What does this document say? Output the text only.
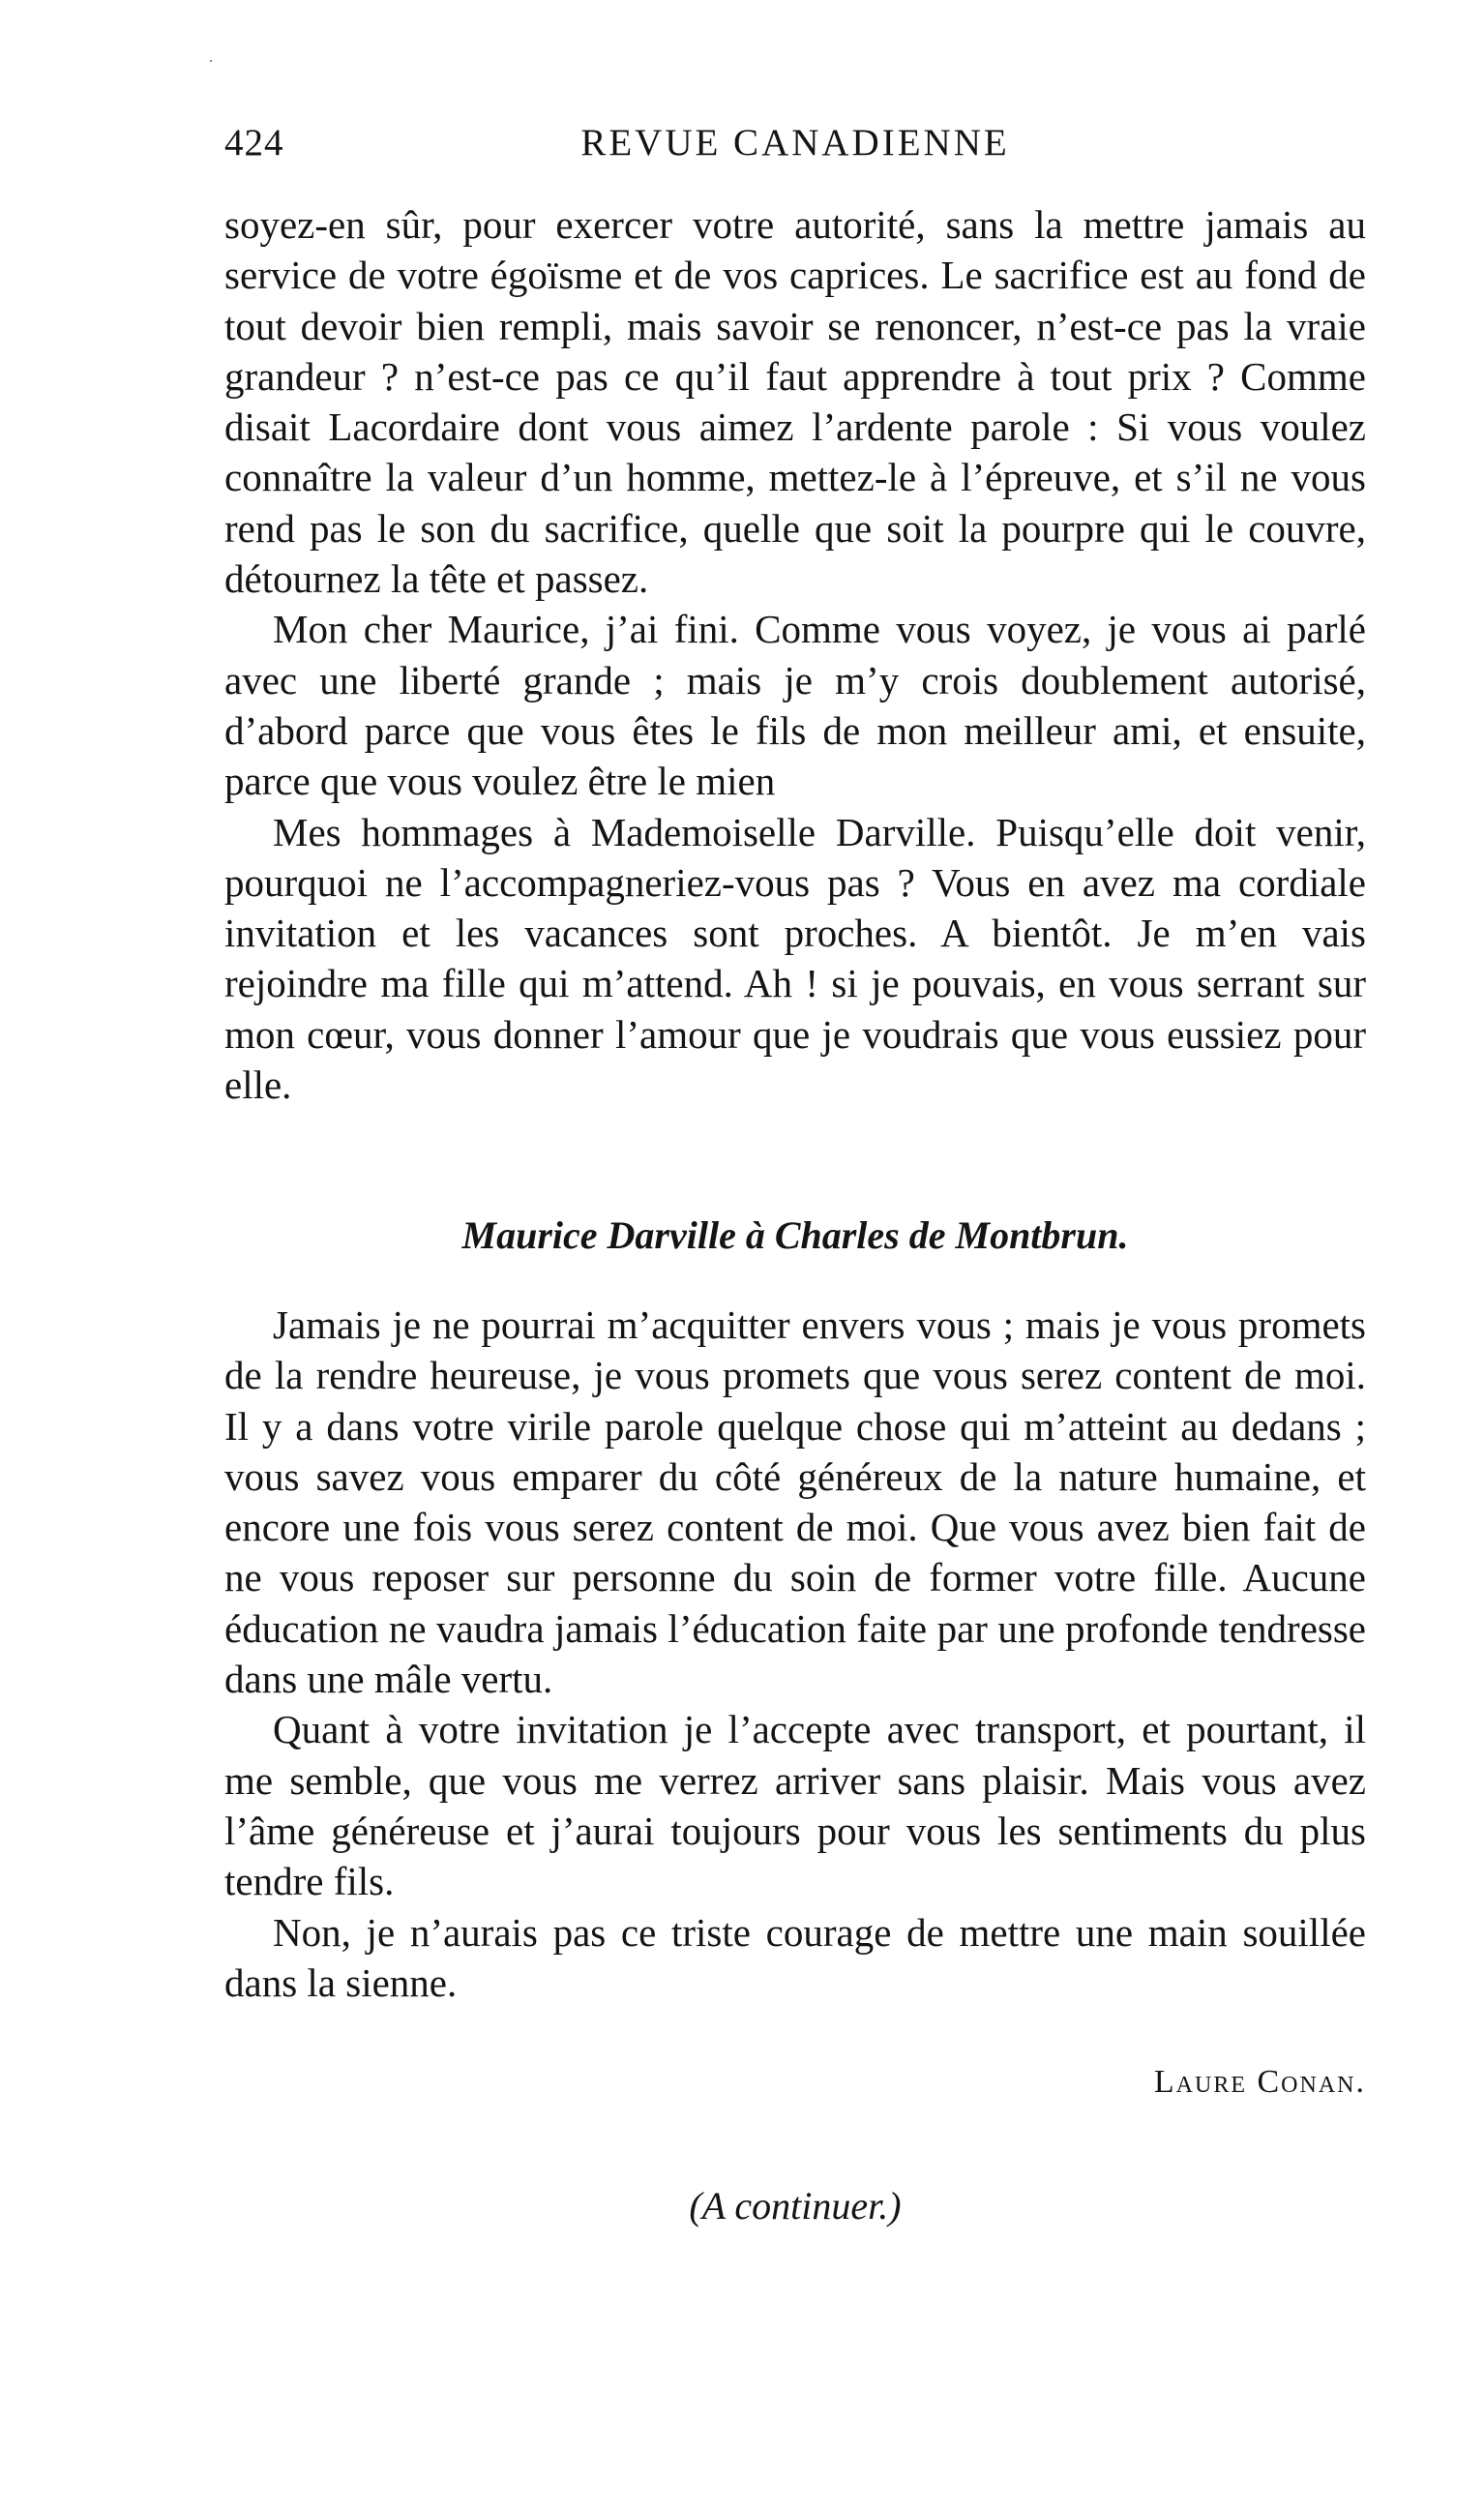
424	REVUE CANADIENNE

soyez-en sûr, pour exercer votre autorité, sans la mettre jamais au service de votre égoïsme et de vos caprices. Le sacrifice est au fond de tout devoir bien rempli, mais savoir se renoncer, n’est-ce pas la vraie grandeur ? n’est-ce pas ce qu’il faut apprendre à tout prix ? Comme disait Lacordaire dont vous aimez l’ardente parole : Si vous voulez connaître la valeur d’un homme, mettez-le à l’épreuve, et s’il ne vous rend pas le son du sacrifice, quelle que soit la pourpre qui le couvre, détournez la tête et passez.

Mon cher Maurice, j’ai fini. Comme vous voyez, je vous ai parlé avec une liberté grande ; mais je m’y crois doublement autorisé, d’abord parce que vous êtes le fils de mon meilleur ami, et ensuite, parce que vous voulez être le mien

Mes hommages à Mademoiselle Darville. Puisqu’elle doit venir, pourquoi ne l’accompagneriez-vous pas ? Vous en avez ma cordiale invitation et les vacances sont proches. A bientôt. Je m’en vais rejoindre ma fille qui m’attend. Ah ! si je pouvais, en vous serrant sur mon cœur, vous donner l’amour que je voudrais que vous eussiez pour elle.

Maurice Darville à Charles de Montbrun.

Jamais je ne pourrai m’acquitter envers vous ; mais je vous promets de la rendre heureuse, je vous promets que vous serez content de moi. Il y a dans votre virile parole quelque chose qui m’atteint au dedans ; vous savez vous emparer du côté généreux de la nature humaine, et encore une fois vous serez content de moi. Que vous avez bien fait de ne vous reposer sur personne du soin de former votre fille. Aucune éducation ne vaudra jamais l’éducation faite par une profonde tendresse dans une mâle vertu.

Quant à votre invitation je l’accepte avec transport, et pourtant, il me semble, que vous me verrez arriver sans plaisir. Mais vous avez l’âme généreuse et j’aurai toujours pour vous les sentiments du plus tendre fils.

Non, je n’aurais pas ce triste courage de mettre une main souillée dans la sienne.

Laure Conan.
(A continuer.)
